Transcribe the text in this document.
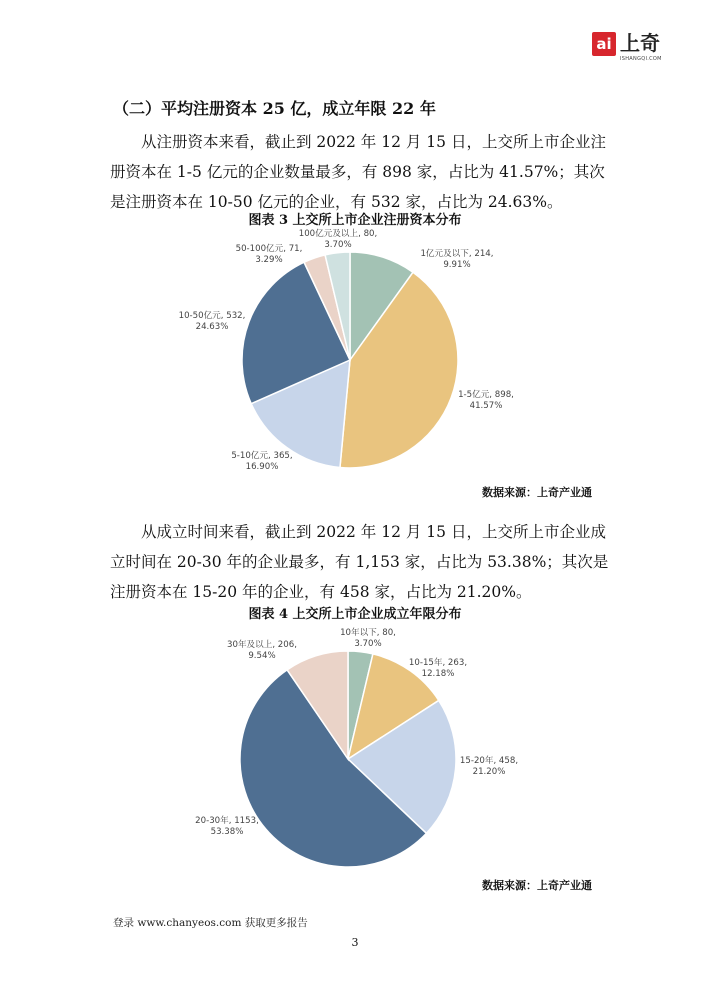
ai 上奇
ISHANGQI.COM
（二）平均注册资本 25 亿，成立年限 22 年
从注册资本来看，截止到 2022 年 12 月 15 日，上交所上市企业注册资本在 1-5 亿元的企业数量最多，有 898 家，占比为 41.57%；其次是注册资本在 10-50 亿元的企业，有 532 家，占比为 24.63%。
图表 3 上交所上市企业注册资本分布
1亿元及以下, 214,
9.91%
1-5亿元, 898,
41.57%
5-10亿元, 365,
16.90%
10-50亿元, 532,
24.63%
50-100亿元, 71,
3.29%
100亿元及以上, 80,
3.70%
数据来源：上奇产业通
从成立时间来看，截止到 2022 年 12 月 15 日，上交所上市企业成立时间在 20-30 年的企业最多，有 1,153 家，占比为 53.38%；其次是注册资本在 15-20 年的企业，有 458 家，占比为 21.20%。
图表 4 上交所上市企业成立年限分布
10年以下, 80,
3.70%
10-15年, 263,
12.18%
15-20年, 458,
21.20%
20-30年, 1153,
53.38%
30年及以上, 206,
9.54%
数据来源：上奇产业通
登录 www.chanyeos.com 获取更多报告
3
